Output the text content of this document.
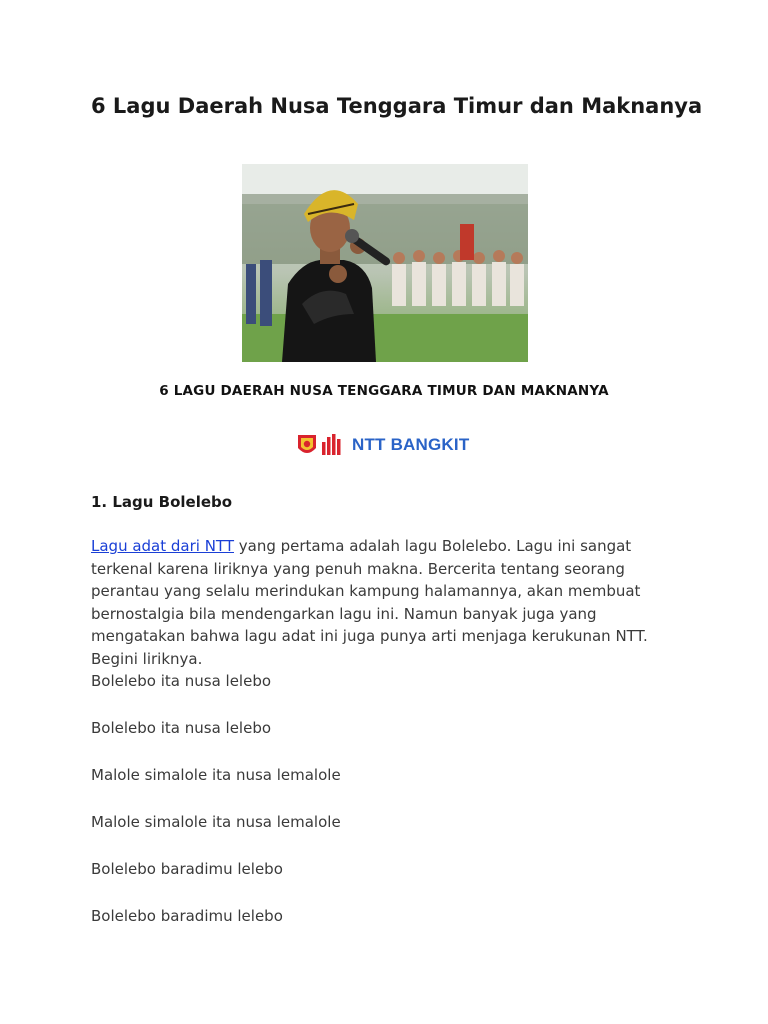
6 Lagu Daerah Nusa Tenggara Timur dan Maknanya
6 LAGU DAERAH NUSA TENGGARA TIMUR DAN MAKNANYA
NTT BANGKIT
1. Lagu Bolelebo

Lagu adat dari NTT yang pertama adalah lagu Bolelebo. Lagu ini sangat terkenal karena liriknya yang penuh makna. Bercerita tentang seorang perantau yang selalu merindukan kampung halamannya, akan membuat bernostalgia bila mendengarkan lagu ini. Namun banyak juga yang mengatakan bahwa lagu adat ini juga punya arti menjaga kerukunan NTT. Begini liriknya.

Bolelebo ita nusa lelebo

Bolelebo ita nusa lelebo

Malole simalole ita nusa lemalole

Malole simalole ita nusa lemalole

Bolelebo baradimu lelebo

Bolelebo baradimu lelebo
